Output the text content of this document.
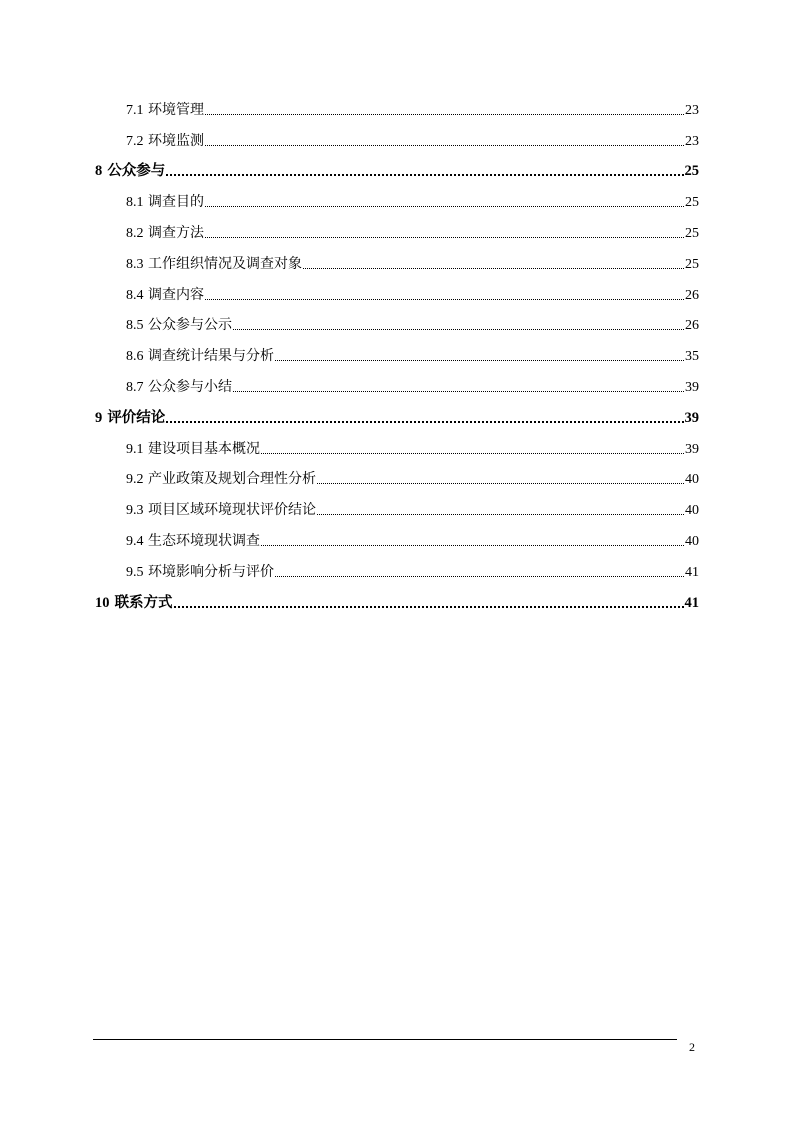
7.1 环境管理	23
7.2 环境监测	23
8 公众参与	25
8.1 调查目的	25
8.2 调查方法	25
8.3 工作组织情况及调查对象	25
8.4 调查内容	26
8.5 公众参与公示	26
8.6 调查统计结果与分析	35
8.7 公众参与小结	39
9 评价结论	39
9.1 建设项目基本概况	39
9.2 产业政策及规划合理性分析	40
9.3 项目区域环境现状评价结论	40
9.4 生态环境现状调查	40
9.5 环境影响分析与评价	41
10 联系方式	41
2
